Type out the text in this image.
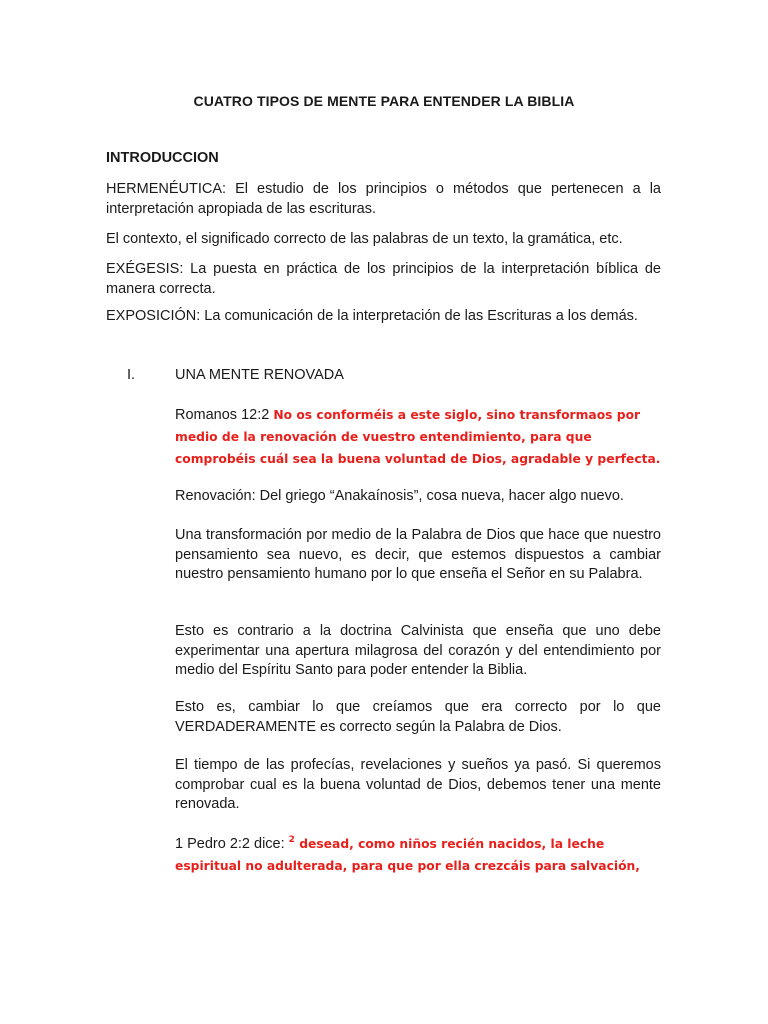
CUATRO TIPOS DE MENTE PARA ENTENDER LA BIBLIA
INTRODUCCION

HERMENÉUTICA: El estudio de los principios o métodos que pertenecen a la interpretación apropiada de las escrituras.

El contexto, el significado correcto de las palabras de un texto, la gramática, etc.

EXÉGESIS: La puesta en práctica de los principios de la interpretación bíblica de manera correcta.

EXPOSICIÓN: La comunicación de la interpretación de las Escrituras a los demás.

I.	UNA MENTE RENOVADA

Romanos 12:2 No os conforméis a este siglo, sino transformaos por medio de la renovación de vuestro entendimiento, para que comprobéis cuál sea la buena voluntad de Dios, agradable y perfecta.

Renovación: Del griego “Anakaínosis”, cosa nueva, hacer algo nuevo.

Una transformación por medio de la Palabra de Dios que hace que nuestro pensamiento sea nuevo, es decir, que estemos dispuestos a cambiar nuestro pensamiento humano por lo que enseña el Señor en su Palabra.

Esto es contrario a la doctrina Calvinista que enseña que uno debe experimentar una apertura milagrosa del corazón y del entendimiento por medio del Espíritu Santo para poder entender la Biblia.

Esto es, cambiar lo que creíamos que era correcto por lo que VERDADERAMENTE es correcto según la Palabra de Dios.

El tiempo de las profecías, revelaciones y sueños ya pasó. Si queremos comprobar cual es la buena voluntad de Dios, debemos tener una mente renovada.

1 Pedro 2:2 dice: $^2$ desead, como niños recién nacidos, la leche espiritual no adulterada, para que por ella crezcáis para salvación,
